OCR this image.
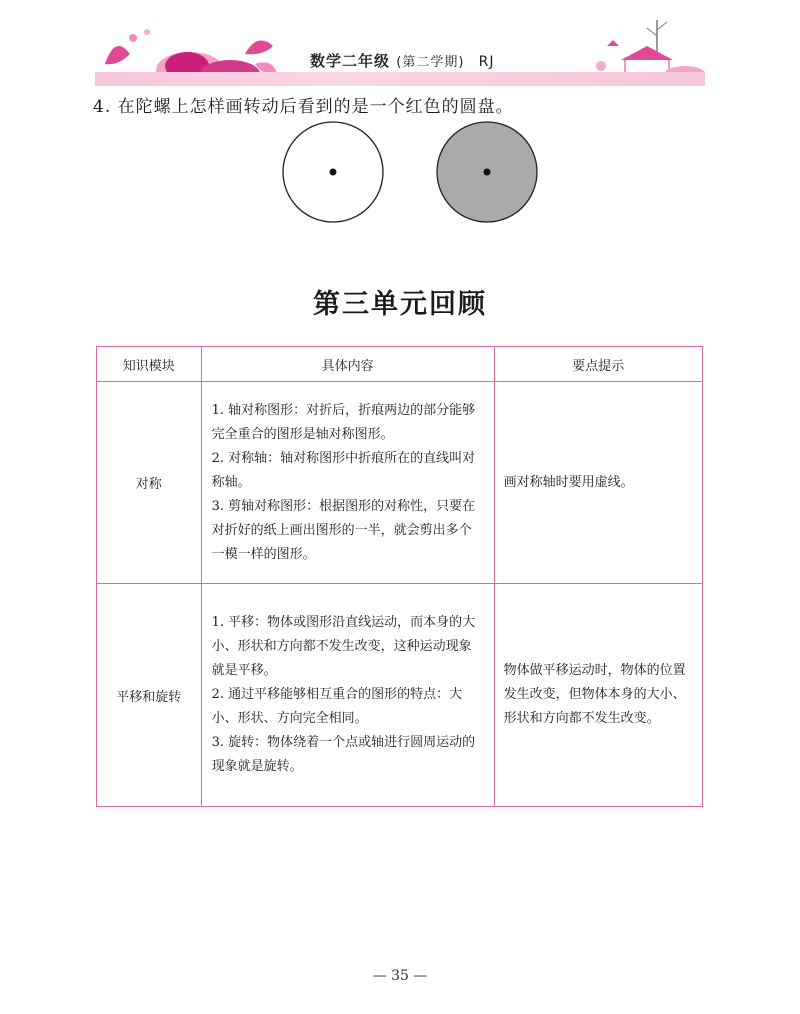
数学二年级 (第二学期) RJ
4. 在陀螺上怎样画转动后看到的是一个红色的圆盘。
第三单元回顾
知识模块	具体内容	要点提示
对称	1. 轴对称图形：对折后，折痕两边的部分能够完全重合的图形是轴对称图形。

2. 对称轴：轴对称图形中折痕所在的直线叫对称轴。

3. 剪轴对称图形：根据图形的对称性，只要在对折好的纸上画出图形的一半，就会剪出多个一模一样的图形。	画对称轴时要用虚线。

平移和旋转	1. 平移：物体或图形沿直线运动，而本身的大小、形状和方向都不发生改变，这种运动现象就是平移。

2. 通过平移能够相互重合的图形的特点：大小、形状、方向完全相同。

3. 旋转：物体绕着一个点或轴进行圆周运动的现象就是旋转。	物体做平移运动时，物体的位置发生改变，但物体本身的大小、形状和方向都不发生改变。
— 35 —
